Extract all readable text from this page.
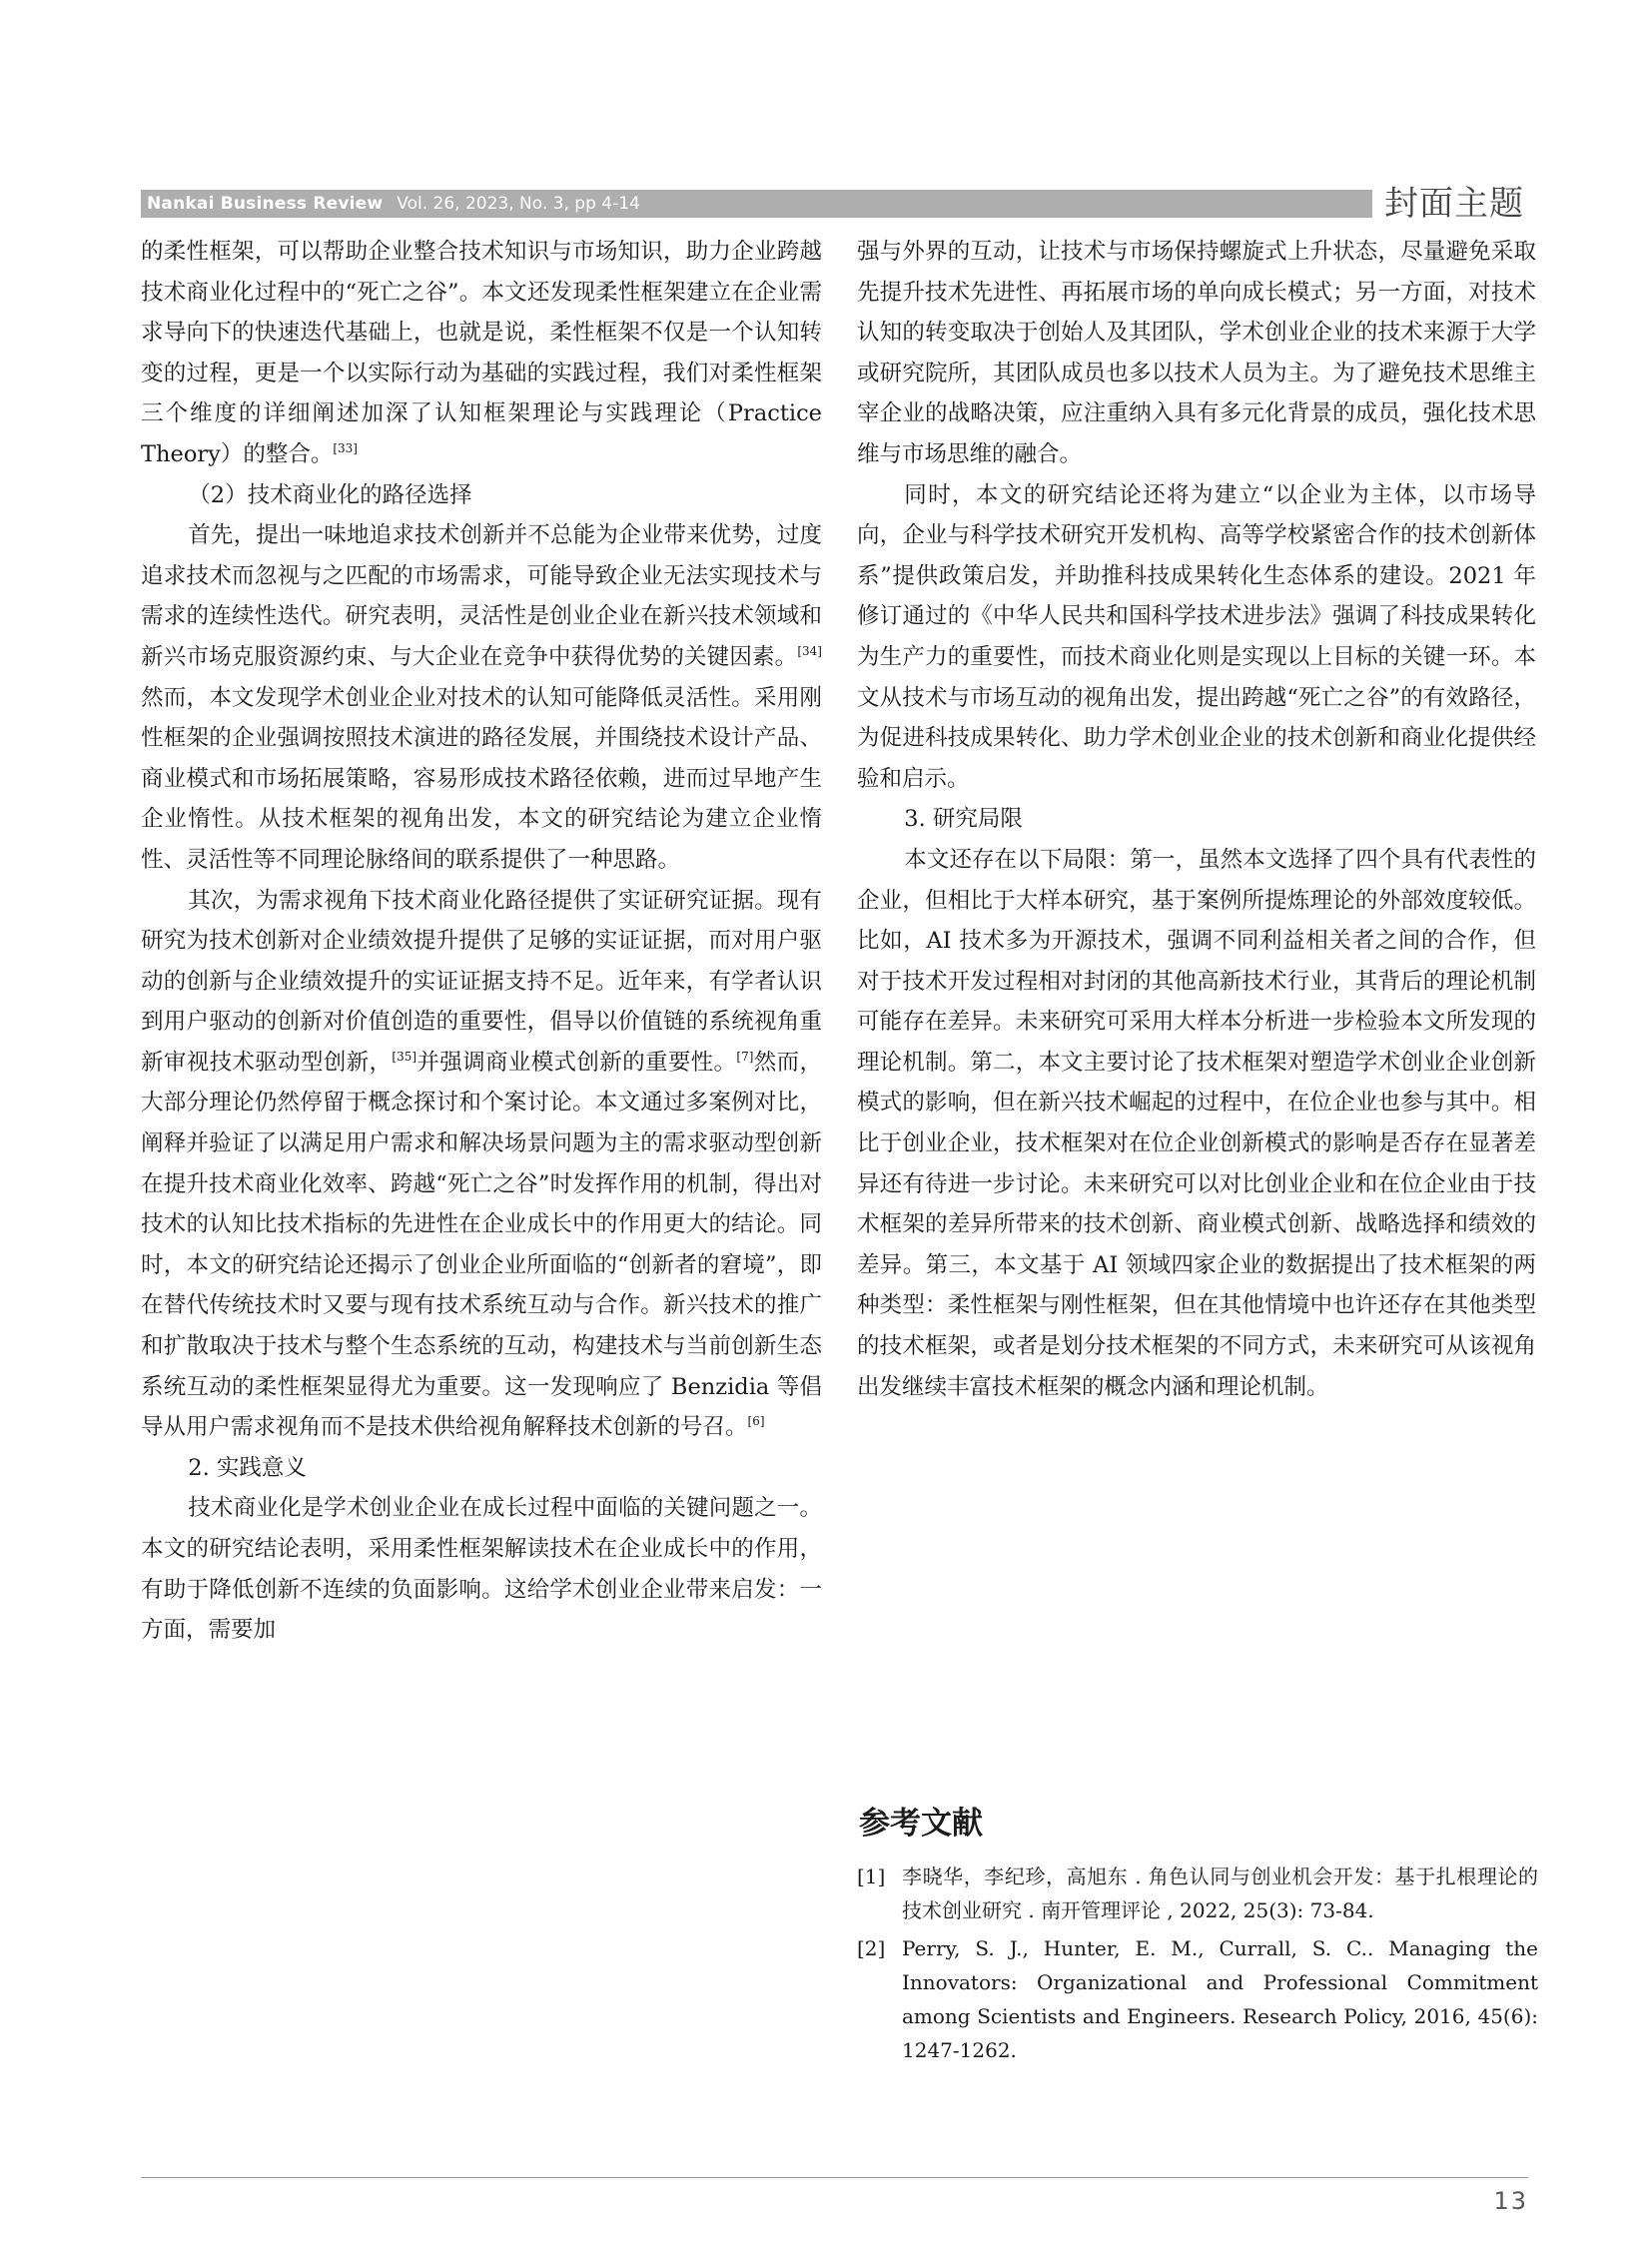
Nankai Business Review Vol. 26, 2023, No. 3, pp 4-14	封面主题

的柔性框架，可以帮助企业整合技术知识与市场知识，助力企业跨越技术商业化过程中的“死亡之谷”。本文还发现柔性框架建立在企业需求导向下的快速迭代基础上，也就是说，柔性框架不仅是一个认知转变的过程，更是一个以实际行动为基础的实践过程，我们对柔性框架三个维度的详细阐述加深了认知框架理论与实践理论（Practice Theory）的整合。[33]

（2）技术商业化的路径选择

首先，提出一味地追求技术创新并不总能为企业带来优势，过度追求技术而忽视与之匹配的市场需求，可能导致企业无法实现技术与需求的连续性迭代。研究表明，灵活性是创业企业在新兴技术领域和新兴市场克服资源约束、与大企业在竞争中获得优势的关键因素。[34]然而，本文发现学术创业企业对技术的认知可能降低灵活性。采用刚性框架的企业强调按照技术演进的路径发展，并围绕技术设计产品、商业模式和市场拓展策略，容易形成技术路径依赖，进而过早地产生企业惰性。从技术框架的视角出发，本文的研究结论为建立企业惰性、灵活性等不同理论脉络间的联系提供了一种思路。

其次，为需求视角下技术商业化路径提供了实证研究证据。现有研究为技术创新对企业绩效提升提供了足够的实证证据，而对用户驱动的创新与企业绩效提升的实证证据支持不足。近年来，有学者认识到用户驱动的创新对价值创造的重要性，倡导以价值链的系统视角重新审视技术驱动型创新，[35]并强调商业模式创新的重要性。[7]然而，大部分理论仍然停留于概念探讨和个案讨论。本文通过多案例对比，阐释并验证了以满足用户需求和解决场景问题为主的需求驱动型创新在提升技术商业化效率、跨越“死亡之谷”时发挥作用的机制，得出对技术的认知比技术指标的先进性在企业成长中的作用更大的结论。同时，本文的研究结论还揭示了创业企业所面临的“创新者的窘境”，即在替代传统技术时又要与现有技术系统互动与合作。新兴技术的推广和扩散取决于技术与整个生态系统的互动，构建技术与当前创新生态系统互动的柔性框架显得尤为重要。这一发现响应了 Benzidia 等倡导从用户需求视角而不是技术供给视角解释技术创新的号召。[6]

2. 实践意义

技术商业化是学术创业企业在成长过程中面临的关键问题之一。本文的研究结论表明，采用柔性框架解读技术在企业成长中的作用，有助于降低创新不连续的负面影响。这给学术创业企业带来启发：一方面，需要加

强与外界的互动，让技术与市场保持螺旋式上升状态，尽量避免采取先提升技术先进性、再拓展市场的单向成长模式；另一方面，对技术认知的转变取决于创始人及其团队，学术创业企业的技术来源于大学或研究院所，其团队成员也多以技术人员为主。为了避免技术思维主宰企业的战略决策，应注重纳入具有多元化背景的成员，强化技术思维与市场思维的融合。

同时，本文的研究结论还将为建立“以企业为主体，以市场导向，企业与科学技术研究开发机构、高等学校紧密合作的技术创新体系”提供政策启发，并助推科技成果转化生态体系的建设。2021 年修订通过的《中华人民共和国科学技术进步法》强调了科技成果转化为生产力的重要性，而技术商业化则是实现以上目标的关键一环。本文从技术与市场互动的视角出发，提出跨越“死亡之谷”的有效路径，为促进科技成果转化、助力学术创业企业的技术创新和商业化提供经验和启示。

3. 研究局限

本文还存在以下局限：第一，虽然本文选择了四个具有代表性的企业，但相比于大样本研究，基于案例所提炼理论的外部效度较低。比如，AI 技术多为开源技术，强调不同利益相关者之间的合作，但对于技术开发过程相对封闭的其他高新技术行业，其背后的理论机制可能存在差异。未来研究可采用大样本分析进一步检验本文所发现的理论机制。第二，本文主要讨论了技术框架对塑造学术创业企业创新模式的影响，但在新兴技术崛起的过程中，在位企业也参与其中。相比于创业企业，技术框架对在位企业创新模式的影响是否存在显著差异还有待进一步讨论。未来研究可以对比创业企业和在位企业由于技术框架的差异所带来的技术创新、商业模式创新、战略选择和绩效的差异。第三，本文基于 AI 领域四家企业的数据提出了技术框架的两种类型：柔性框架与刚性框架，但在其他情境中也许还存在其他类型的技术框架，或者是划分技术框架的不同方式，未来研究可从该视角出发继续丰富技术框架的概念内涵和理论机制。

参考文献
[1] 李晓华，李纪珍，高旭东 . 角色认同与创业机会开发：基于扎根理论的技术创业研究 . 南开管理评论 , 2022, 25(3): 73-84.
[2] Perry, S. J., Hunter, E. M., Currall, S. C.. Managing the Innovators: Organizational and Professional Commitment among Scientists and Engineers. Research Policy, 2016, 45(6): 1247-1262.
13
